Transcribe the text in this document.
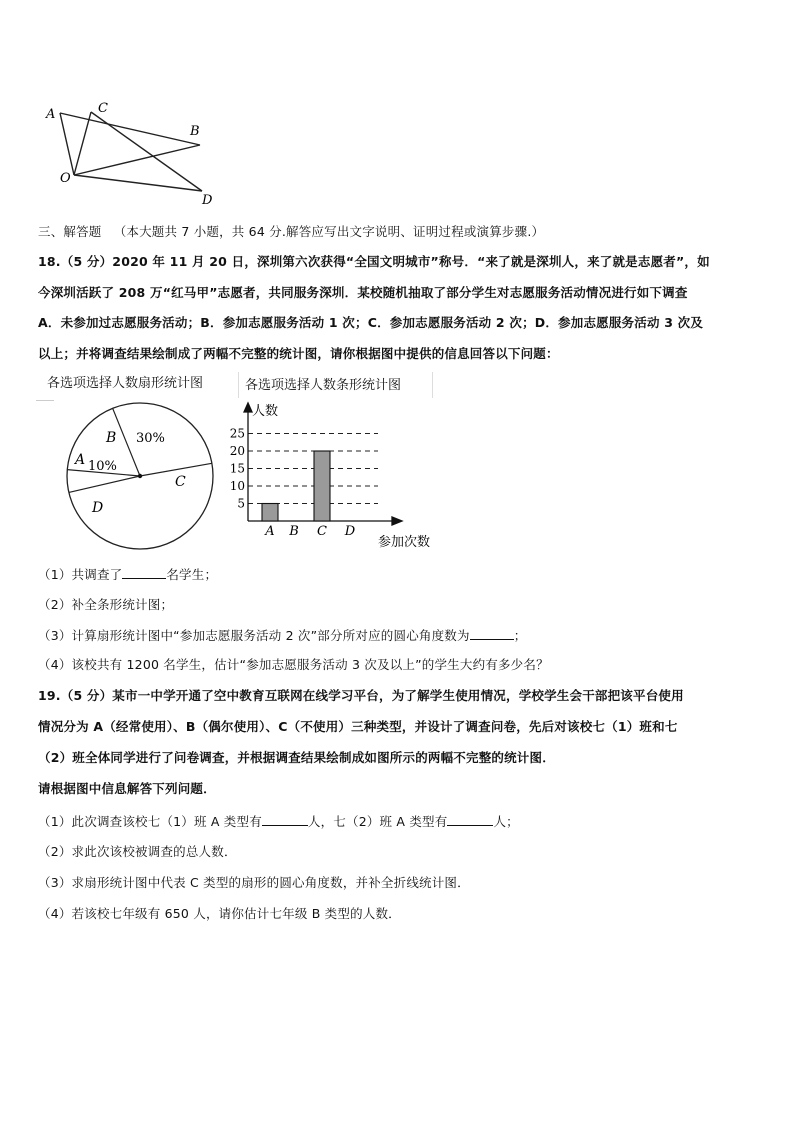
A	C
B
O
D
三、解答题 （本大题共 7 小题，共 64 分.解答应写出文字说明、证明过程或演算步骤.）
18.（5 分）2020 年 11 月 20 日，深圳第六次获得“全国文明城市”称号．“来了就是深圳人，来了就是志愿者”，如
今深圳活跃了 208 万“红马甲”志愿者，共同服务深圳．某校随机抽取了部分学生对志愿服务活动情况进行如下调查
A．未参加过志愿服务活动；B．参加志愿服务活动 1 次；C．参加志愿服务活动 2 次；D．参加志愿服务活动 3 次及
以上；并将调查结果绘制成了两幅不完整的统计图，请你根据图中提供的信息回答以下问题：
各选项选择人数扇形统计图	各选项选择人数条形统计图
B 30%
A 10%
C
D
人数
5
10
15
20
25
A B C D
参加次数
（1）共调查了	名学生；
（2）补全条形统计图；
（3）计算扇形统计图中“参加志愿服务活动 2 次”部分所对应的圆心角度数为	；
（4）该校共有 1200 名学生，估计“参加志愿服务活动 3 次及以上”的学生大约有多少名？
19.（5 分）某市一中学开通了空中教育互联网在线学习平台，为了解学生使用情况，学校学生会干部把该平台使用
情况分为 A（经常使用）、B（偶尔使用）、C（不使用）三种类型，并设计了调查问卷，先后对该校七（1）班和七
（2）班全体同学进行了问卷调查，并根据调查结果绘制成如图所示的两幅不完整的统计图．
请根据图中信息解答下列问题．
（1）此次调查该校七（1）班 A 类型有	人，七（2）班 A 类型有	人；
（2）求此次该校被调查的总人数．
（3）求扇形统计图中代表 C 类型的扇形的圆心角度数，并补全折线统计图．
（4）若该校七年级有 650 人，请你估计七年级 B 类型的人数．
